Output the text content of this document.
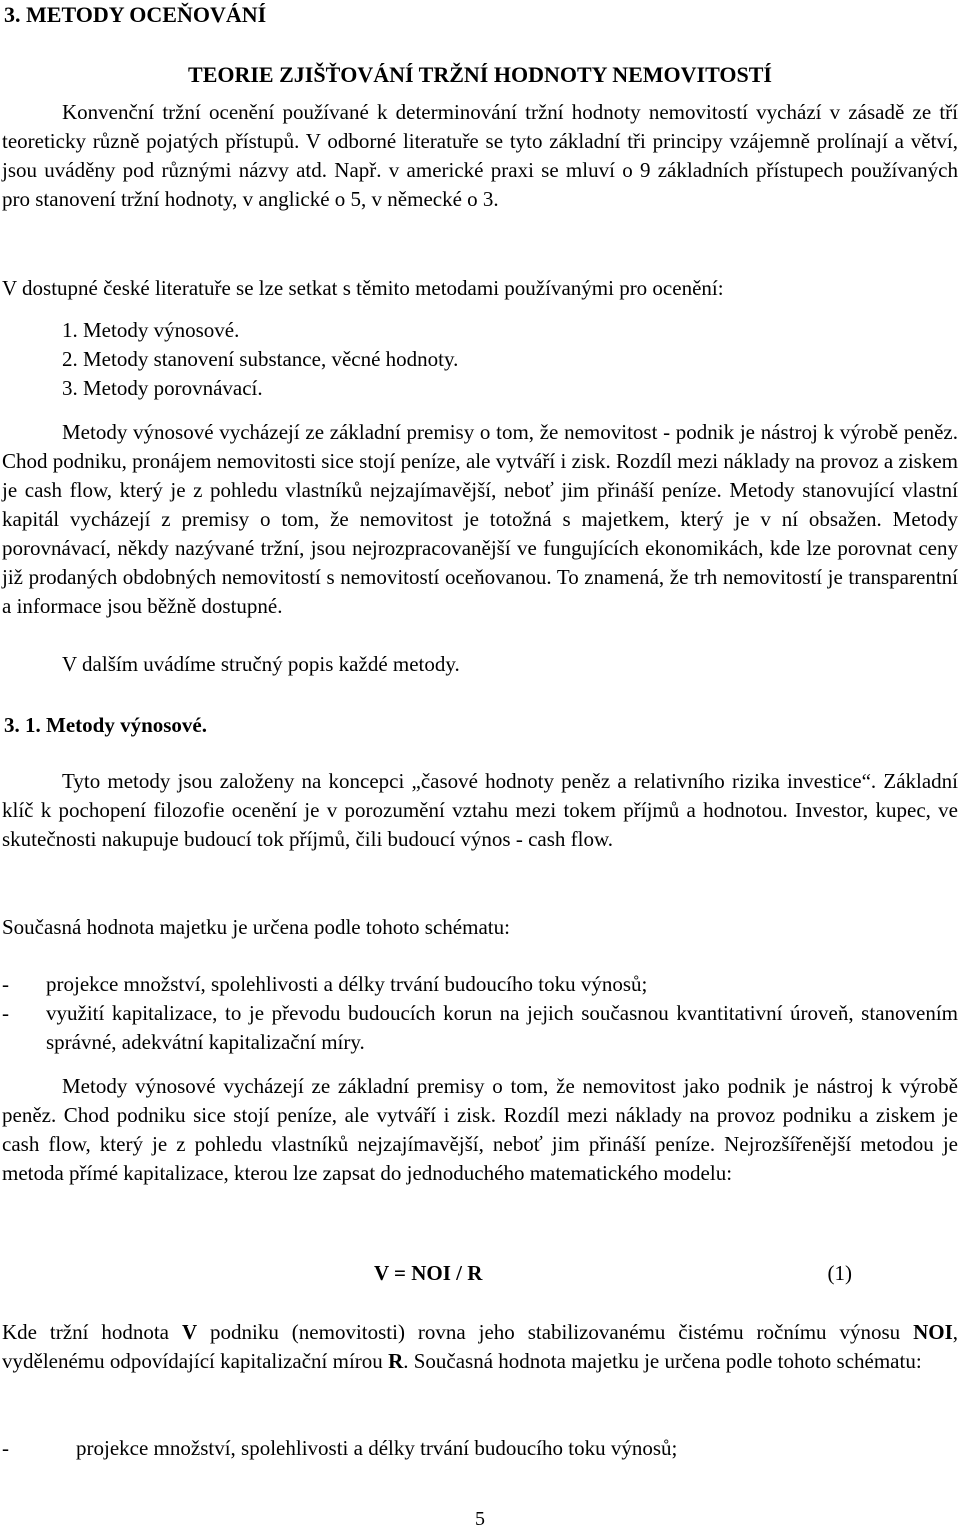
3. METODY OCEŇOVÁNÍ
TEORIE ZJIŠŤOVÁNÍ TRŽNÍ HODNOTY NEMOVITOSTÍ
Konvenční tržní ocenění používané k determinování tržní hodnoty nemovitostí vychází v zásadě ze tří teoreticky různě pojatých přístupů. V odborné literatuře se tyto základní tři principy vzájemně prolínají a větví, jsou uváděny pod různými názvy atd. Např. v americké praxi se mluví o 9 základních přístupech používaných pro stanovení tržní hodnoty, v anglické o 5, v německé o 3.
V dostupné české literatuře se lze setkat s těmito metodami používanými pro ocenění:
1. Metody výnosové.
2. Metody stanovení substance, věcné hodnoty.
3. Metody porovnávací.
Metody výnosové vycházejí ze základní premisy o tom, že nemovitost - podnik je nástroj k výrobě peněz. Chod podniku, pronájem nemovitosti sice stojí peníze, ale vytváří i zisk. Rozdíl mezi náklady na provoz a ziskem je cash flow, který je z pohledu vlastníků nejzajímavější, neboť jim přináší peníze. Metody stanovující vlastní kapitál vycházejí z premisy o tom, že nemovitost je totožná s majetkem, který je v ní obsažen. Metody porovnávací, někdy nazývané tržní, jsou nejrozpracovanější ve fungujících ekonomikách, kde lze porovnat ceny již prodaných obdobných nemovitostí s nemovitostí oceňovanou. To znamená, že trh nemovitostí je transparentní a informace jsou běžně dostupné.
V dalším uvádíme stručný popis každé metody.
3. 1. Metody výnosové.
Tyto metody jsou založeny na koncepci „časové hodnoty peněz a relativního rizika investice“. Základní klíč k pochopení filozofie ocenění je v porozumění vztahu mezi tokem příjmů a hodnotou. Investor, kupec, ve skutečnosti nakupuje budoucí tok příjmů, čili budoucí výnos - cash flow.
Současná hodnota majetku je určena podle tohoto schématu:
-	projekce množství, spolehlivosti a délky trvání budoucího toku výnosů;
-	využití kapitalizace, to je převodu budoucích korun na jejich současnou kvantitativní úroveň, stanovením správné, adekvátní kapitalizační míry.
Metody výnosové vycházejí ze základní premisy o tom, že nemovitost jako podnik je nástroj k výrobě peněz. Chod podniku sice stojí peníze, ale vytváří i zisk. Rozdíl mezi náklady na provoz podniku a ziskem je cash flow, který je z pohledu vlastníků nejzajímavější, neboť jim přináší peníze. Nejrozšířenější metodou je metoda přímé kapitalizace, kterou lze zapsat do jednoduchého matematického modelu:
V = NOI / R	(1)
Kde tržní hodnota V podniku (nemovitosti) rovna jeho stabilizovanému čistému ročnímu výnosu NOI, vyděleném​u odpovídající kapitalizační mírou R. Současná hodnota majetku je určena podle tohoto schématu:
-	projekce množství, spolehlivosti a délky trvání budoucího toku výnosů;
5
